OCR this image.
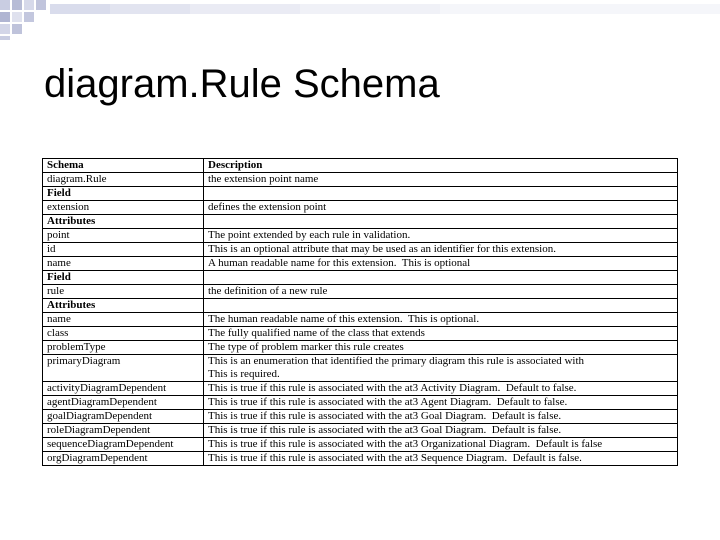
diagram.Rule Schema
Schema	Description
diagram.Rule	the extension point name
Field	
extension	defines the extension point
Attributes	
point	The point extended by each rule in validation.
id	This is an optional attribute that may be used as an identifier for this extension.
name	A human readable name for this extension.  This is optional
Field	
rule	the definition of a new rule
Attributes	
name	The human readable name of this extension.  This is optional.
class	The fully qualified name of the class that extends
problemType	The type of problem marker this rule creates
primaryDiagram	This is an enumeration that identified the primary diagram this rule is associated with
This is required.
activityDiagramDependent	This is true if this rule is associated with the at3 Activity Diagram.  Default to false.
agentDiagramDependent	This is true if this rule is associated with the at3 Agent Diagram.  Default to false.
goalDiagramDependent	This is true if this rule is associated with the at3 Goal Diagram.  Default is false.
roleDiagramDependent	This is true if this rule is associated with the at3 Goal Diagram.  Default is false.
sequenceDiagramDependent	This is true if this rule is associated with the at3 Organizational Diagram.  Default is false
orgDiagramDependent	This is true if this rule is associated with the at3 Sequence Diagram.  Default is false.
